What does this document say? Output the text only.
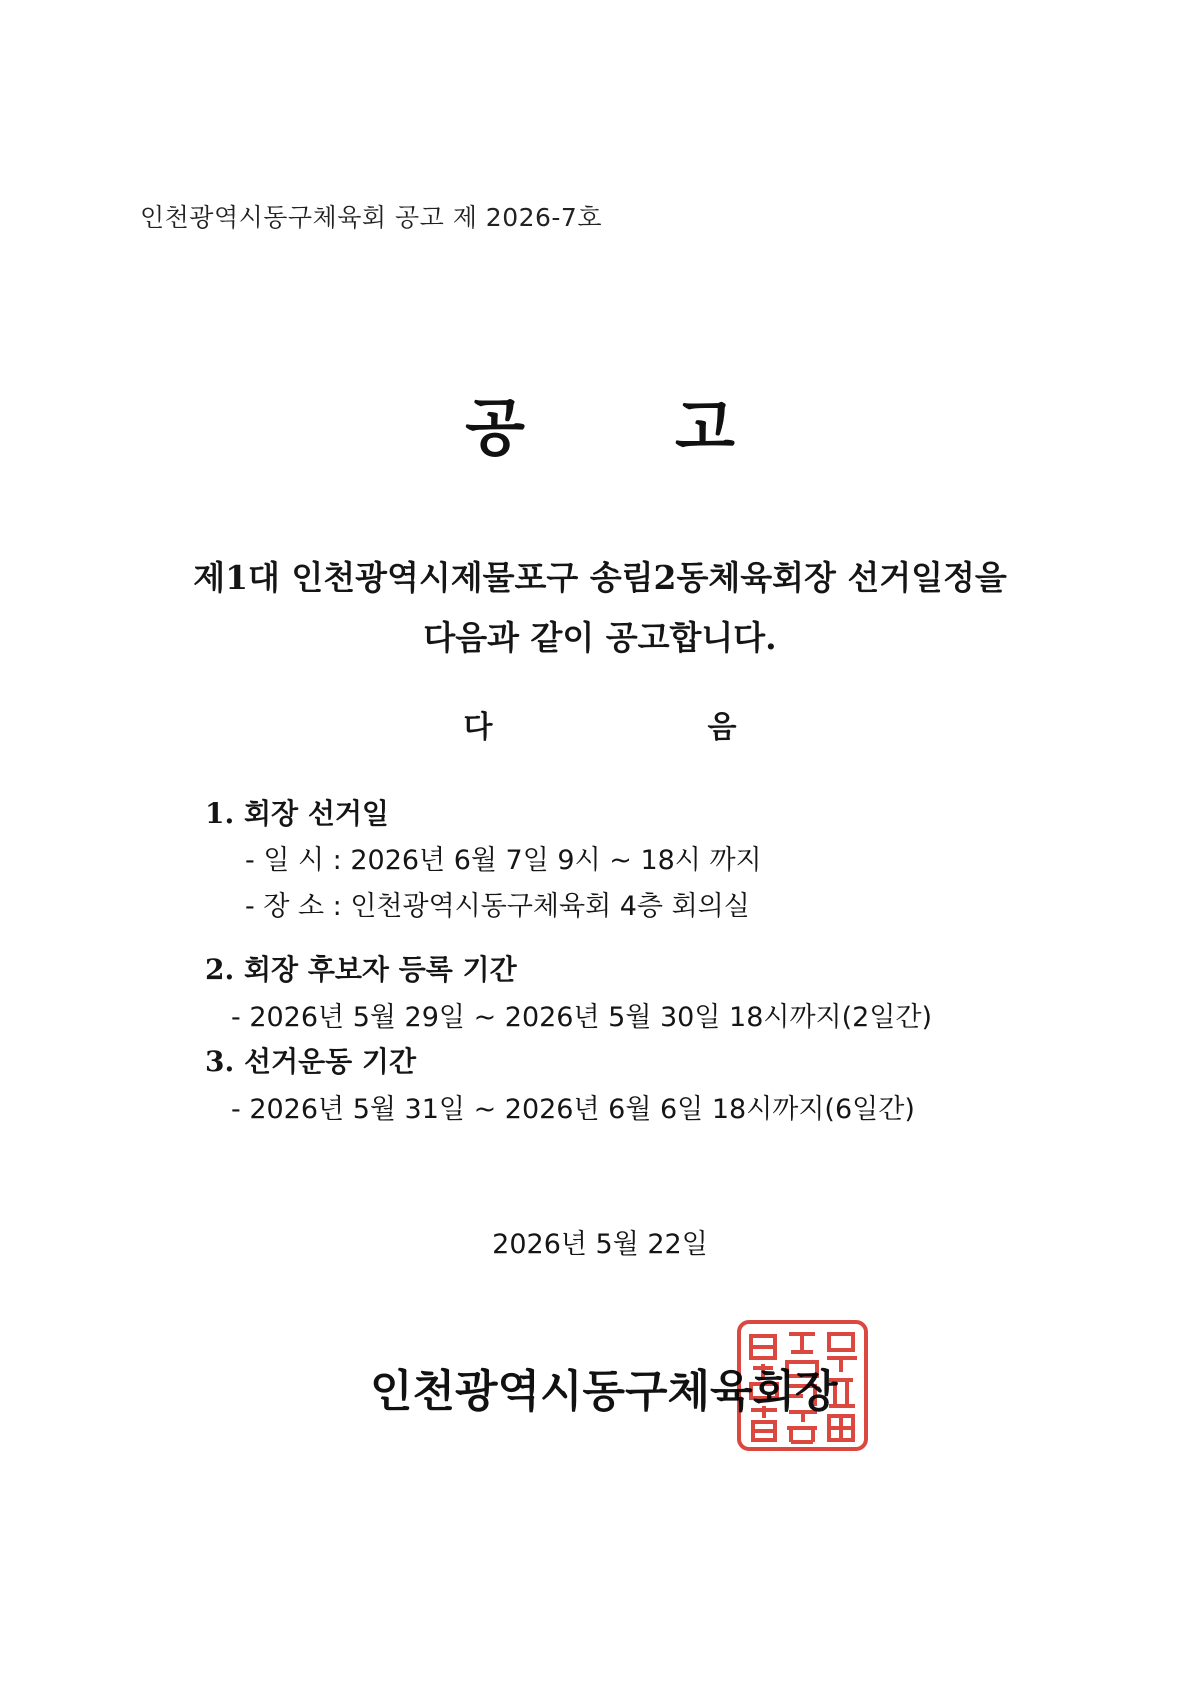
인천광역시동구체육회 공고 제 2026-7호
공 고
제1대 인천광역시제물포구 송림2동체육회장 선거일정을
다음과 같이 공고합니다.
다	음
1. 회장 선거일
- 일 시 : 2026년 6월 7일 9시 ~ 18시 까지
- 장 소 : 인천광역시동구체육회 4층 회의실
2. 회장 후보자 등록 기간
- 2026년 5월 29일 ~ 2026년 5월 30일 18시까지(2일간)
3. 선거운동 기간
- 2026년 5월 31일 ~ 2026년 6월 6일 18시까지(6일간)
2026년 5월 22일
인천광역시동구체육회장
